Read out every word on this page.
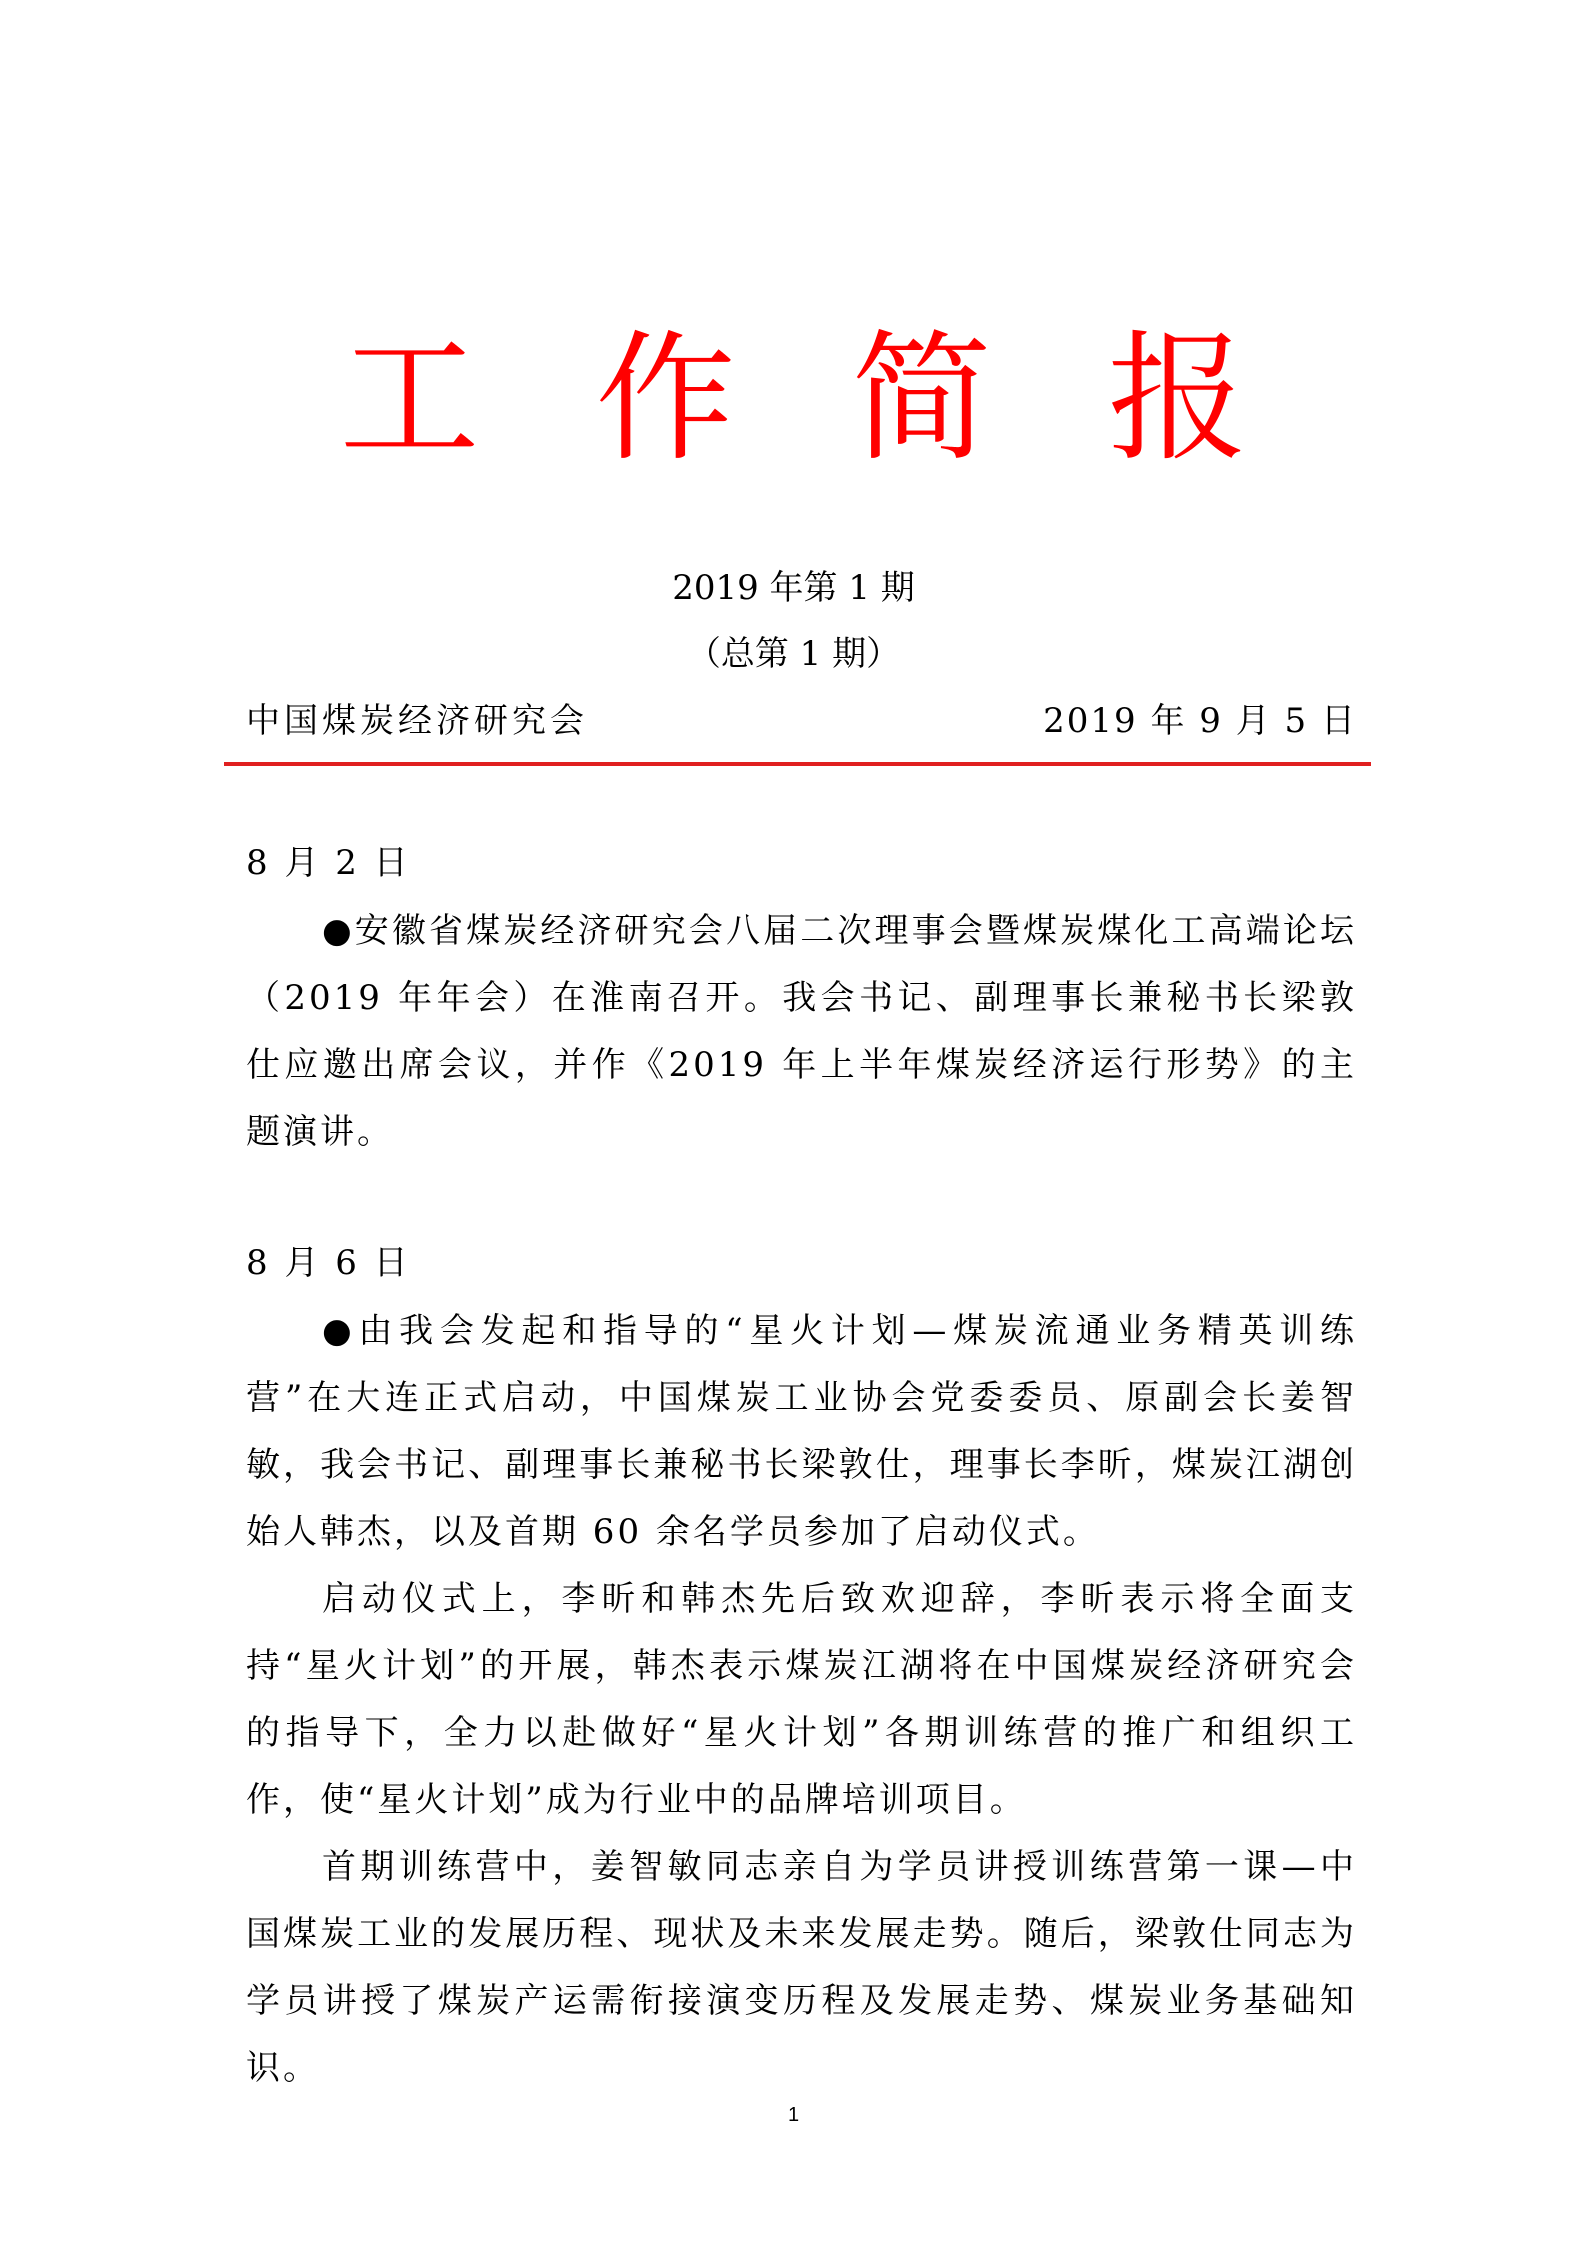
工 作 简 报
2019 年第 1 期
（总第 1 期）
中国煤炭经济研究会	2019 年 9 月 5 日
8 月 2 日

●安徽省煤炭经济研究会八届二次理事会暨煤炭煤化工高端论坛（2019 年年会）在淮南召开。我会书记、副理事长兼秘书长梁敦仕应邀出席会议，并作《2019 年上半年煤炭经济运行形势》的主题演讲。

8 月 6 日

●由我会发起和指导的“星火计划—煤炭流通业务精英训练营”在大连正式启动，中国煤炭工业协会党委委员、原副会长姜智敏，我会书记、副理事长兼秘书长梁敦仕，理事长李昕，煤炭江湖创始人韩杰，以及首期 60 余名学员参加了启动仪式。

启动仪式上，李昕和韩杰先后致欢迎辞，李昕表示将全面支持“星火计划”的开展，韩杰表示煤炭江湖将在中国煤炭经济研究会的指导下，全力以赴做好“星火计划”各期训练营的推广和组织工作，使“星火计划”成为行业中的品牌培训项目。

首期训练营中，姜智敏同志亲自为学员讲授训练营第一课—中国煤炭工业的发展历程、现状及未来发展走势。随后，梁敦仕同志为学员讲授了煤炭产运需衔接演变历程及发展走势、煤炭业务基础知识。

1
